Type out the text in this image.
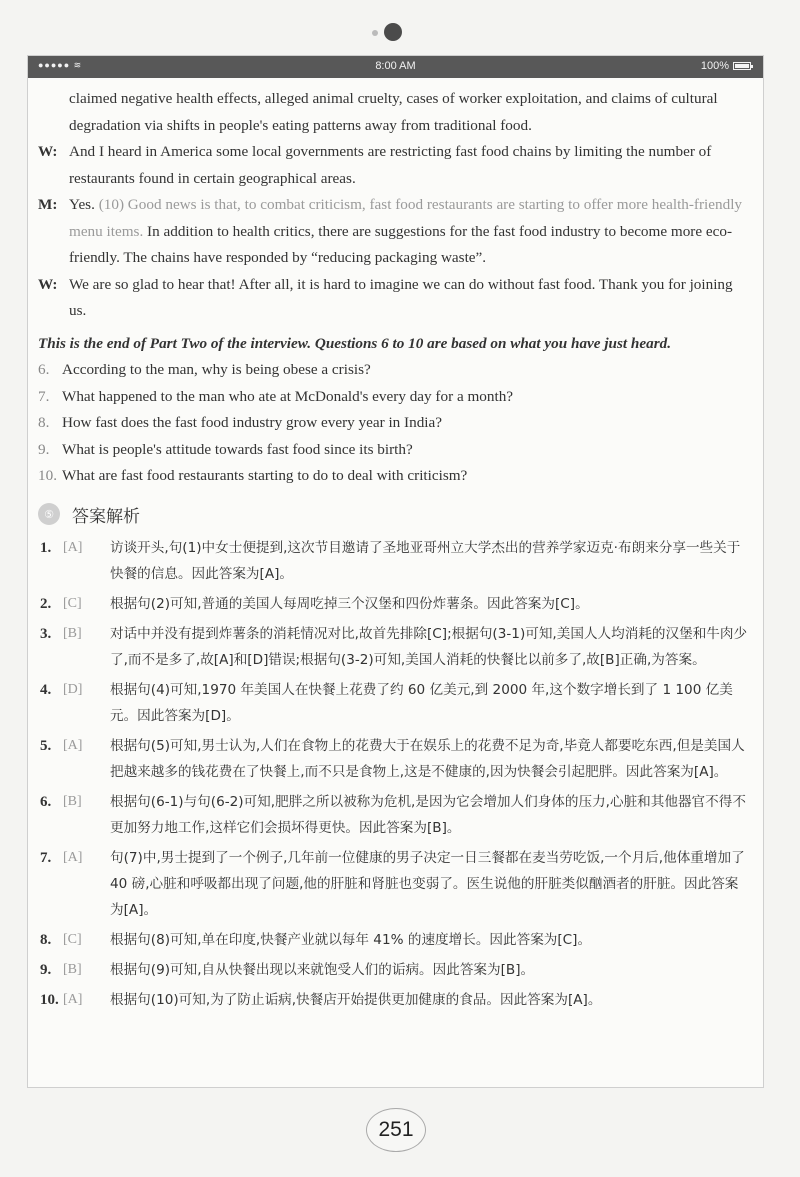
●●●●● ≋	8:00 AM	100%
claimed negative health effects, alleged animal cruelty, cases of worker exploitation, and claims of cultural degradation via shifts in people's eating patterns away from traditional food.
W: And I heard in America some local governments are restricting fast food chains by limiting the number of restaurants found in certain geographical areas.
M: Yes. (10) Good news is that, to combat criticism, fast food restaurants are starting to offer more health-friendly menu items. In addition to health critics, there are suggestions for the fast food industry to become more eco-friendly. The chains have responded by “reducing packaging waste”.
W: We are so glad to hear that! After all, it is hard to imagine we can do without fast food. Thank you for joining us.
This is the end of Part Two of the interview. Questions 6 to 10 are based on what you have just heard.
6. According to the man, why is being obese a crisis?
7. What happened to the man who ate at McDonald's every day for a month?
8. How fast does the fast food industry grow every year in India?
9. What is people's attitude towards fast food since its birth?
10. What are fast food restaurants starting to do to deal with criticism?
⑤	答案解析
1. [A] 访谈开头,句(1)中女士便提到,这次节目邀请了圣地亚哥州立大学杰出的营养学家迈克·布朗来分享一些关于快餐的信息。因此答案为[A]。
2. [C] 根据句(2)可知,普通的美国人每周吃掉三个汉堡和四份炸薯条。因此答案为[C]。
3. [B] 对话中并没有提到炸薯条的消耗情况对比,故首先排除[C];根据句(3-1)可知,美国人人均消耗的汉堡和牛肉少了,而不是多了,故[A]和[D]错误;根据句(3-2)可知,美国人消耗的快餐比以前多了,故[B]正确,为答案。
4. [D] 根据句(4)可知,1970 年美国人在快餐上花费了约 60 亿美元,到 2000 年,这个数字增长到了 1 100 亿美元。因此答案为[D]。
5. [A] 根据句(5)可知,男士认为,人们在食物上的花费大于在娱乐上的花费不足为奇,毕竟人都要吃东西,但是美国人把越来越多的钱花费在了快餐上,而不只是食物上,这是不健康的,因为快餐会引起肥胖。因此答案为[A]。
6. [B] 根据句(6-1)与句(6-2)可知,肥胖之所以被称为危机,是因为它会增加人们身体的压力,心脏和其他器官不得不更加努力地工作,这样它们会损坏得更快。因此答案为[B]。
7. [A] 句(7)中,男士提到了一个例子,几年前一位健康的男子决定一日三餐都在麦当劳吃饭,一个月后,他体重增加了 40 磅,心脏和呼吸都出现了问题,他的肝脏和肾脏也变弱了。医生说他的肝脏类似酗酒者的肝脏。因此答案为[A]。
8. [C] 根据句(8)可知,单在印度,快餐产业就以每年 41% 的速度增长。因此答案为[C]。
9. [B] 根据句(9)可知,自从快餐出现以来就饱受人们的诟病。因此答案为[B]。
10. [A] 根据句(10)可知,为了防止诟病,快餐店开始提供更加健康的食品。因此答案为[A]。
251
